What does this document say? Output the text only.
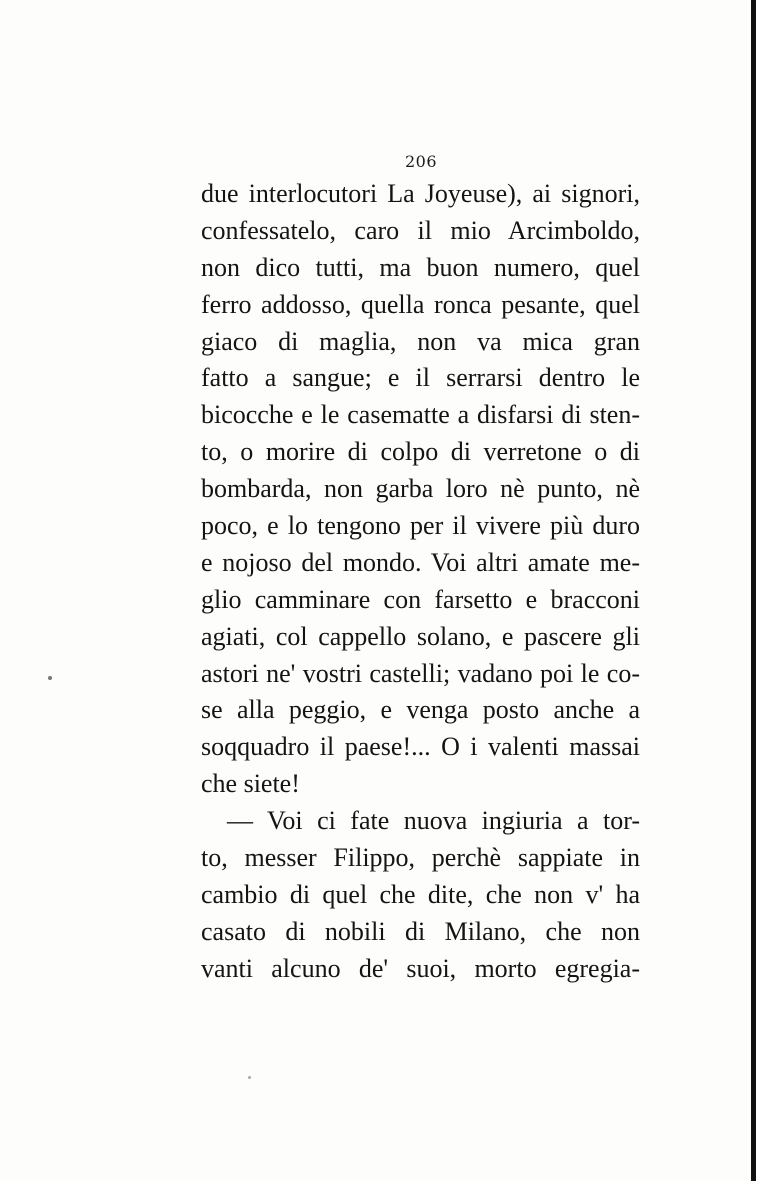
206
due interlocutori La Joyeuse), ai signori,
confessatelo, caro il mio Arcimboldo,
non dico tutti, ma buon numero, quel
ferro addosso, quella ronca pesante, quel
giaco di maglia, non va mica gran
fatto a sangue; e il serrarsi dentro le
bicocche e le casematte a disfarsi di sten-
to, o morire di colpo di verretone o di
bombarda, non garba loro nè punto, nè
poco, e lo tengono per il vivere più duro
e nojoso del mondo. Voi altri amate me-
glio camminare con farsetto e bracconi
agiati, col cappello solano, e pascere gli
astori ne' vostri castelli; vadano poi le co-
se alla peggio, e venga posto anche a
soqquadro il paese!... O i valenti massai
che siete!
— Voi ci fate nuova ingiuria a tor-
to, messer Filippo, perchè sappiate in
cambio di quel che dite, che non v' ha
casato di nobili di Milano, che non
vanti alcuno de' suoi, morto egregia-
